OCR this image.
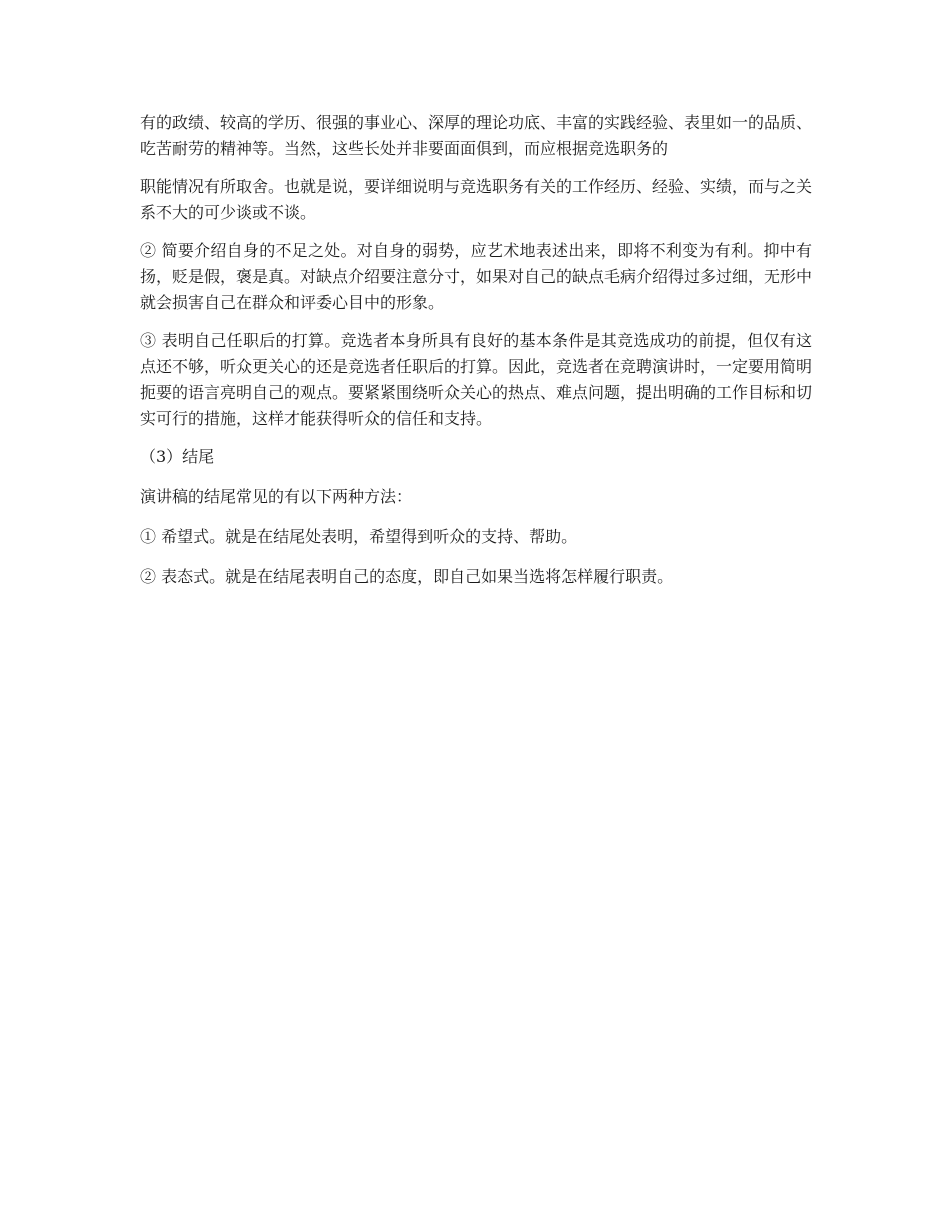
有的政绩、较高的学历、很强的事业心、深厚的理论功底、丰富的实践经验、表里如一的品质、吃苦耐劳的精神等。当然，这些长处并非要面面俱到，而应根据竞选职务的

职能情况有所取舍。也就是说，要详细说明与竞选职务有关的工作经历、经验、实绩，而与之关系不大的可少谈或不谈。

② 简要介绍自身的不足之处。对自身的弱势，应艺术地表述出来，即将不利变为有利。抑中有扬，贬是假，褒是真。对缺点介绍要注意分寸，如果对自己的缺点毛病介绍得过多过细，无形中就会损害自己在群众和评委心目中的形象。

③ 表明自己任职后的打算。竞选者本身所具有良好的基本条件是其竞选成功的前提，但仅有这点还不够，听众更关心的还是竞选者任职后的打算。因此，竞选者在竞聘演讲时，一定要用简明扼要的语言亮明自己的观点。要紧紧围绕听众关心的热点、难点问题，提出明确的工作目标和切实可行的措施，这样才能获得听众的信任和支持。

（3）结尾

演讲稿的结尾常见的有以下两种方法：

① 希望式。就是在结尾处表明，希望得到听众的支持、帮助。

② 表态式。就是在结尾表明自己的态度，即自己如果当选将怎样履行职责。
